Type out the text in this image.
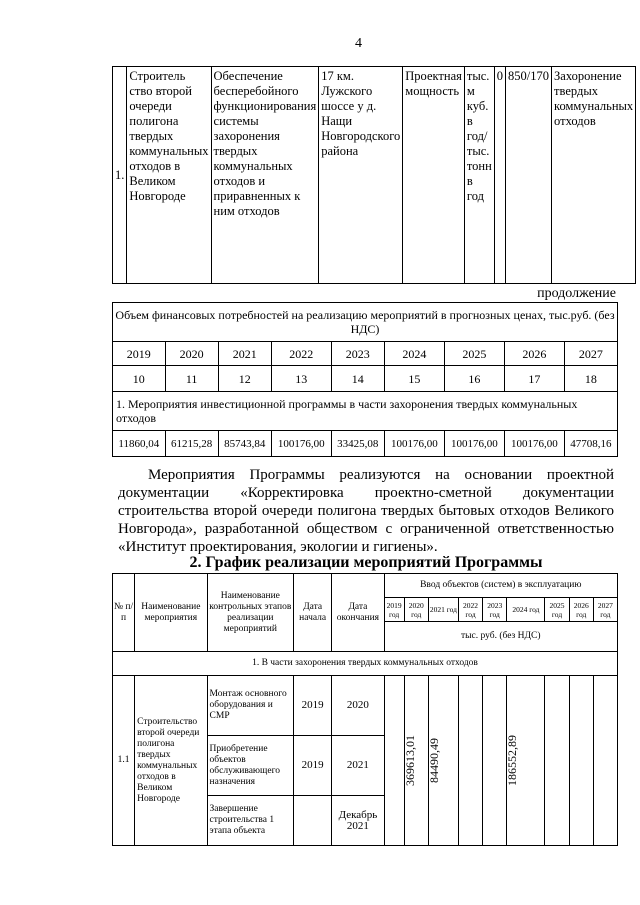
4
1.	Строитель ство второй очереди полигона твердых коммунальных отходов в Великом Новгороде	Обеспечение бесперебойного функционирования системы захоронения твердых коммунальных отходов и приравненных к ним отходов	17 км. Лужского шоссе у д. Нащи Новгородского района	Проектная мощность	тыс. м куб. в год/тыс. тонн в год	0	850/170	Захоронение твердых коммунальных отходов
продолжение
Объем финансовых потребностей на реализацию мероприятий в прогнозных ценах, тыс.руб. (без НДС)								
2019	2020	2021	2022	2023	2024	2025	2026	2027
10	11	12	13	14	15	16	17	18
1. Мероприятия инвестиционной программы в части захоронения твердых коммунальных отходов								
11860,04	61215,28	85743,84	100176,00	33425,08	100176,00	100176,00	100176,00	47708,16
Мероприятия Программы реализуются на основании проектной документации «Корректировка проектно-сметной документации строительства второй очереди полигона твердых бытовых отходов Великого Новгорода», разработанной обществом с ограниченной ответственностью «Институт проектирования, экологии и гигиены».
2. График реализации мероприятий Программы
№ п/п	Наименование мероприятия	Наименование контрольных этапов реализации мероприятий	Дата начала	Дата окончания	Ввод объектов (систем) в эксплуатацию								
					2019 год	2020 год	2021 год	2022 год	2023 год	2024 год	2025 год	2026 год	2027 год
					тыс. руб. (без НДС)								
1. В части захоронения твердых коммунальных отходов													
1.1	Строительство второй очереди полигона твердых коммунальных отходов в Великом Новгороде	Монтаж основного оборудования и СМР	2019	2020		369613,01	84490,49			186552,89			

		Приобретение объектов обслуживающего назначения	2019	2021									
		Завершение строительства 1 этапа объекта		Декабрь 2021									
